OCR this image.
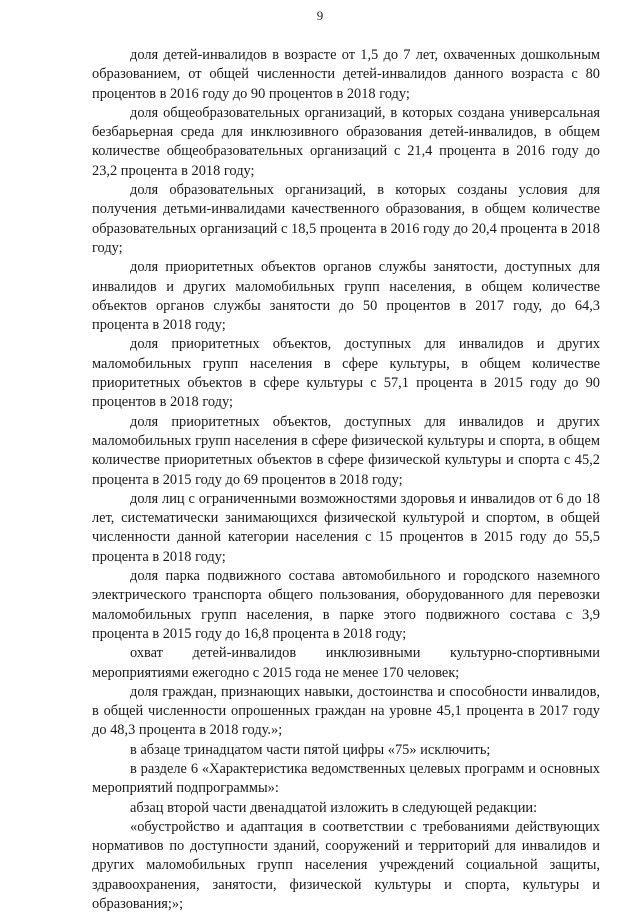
9

доля детей-инвалидов в возрасте от 1,5 до 7 лет, охваченных дошкольным образованием, от общей численности детей-инвалидов данного возраста с 80 процентов в 2016 году до 90 процентов в 2018 году;

доля общеобразовательных организаций, в которых создана универсальная безбарьерная среда для инклюзивного образования детей-инвалидов, в общем количестве общеобразовательных организаций с 21,4 процента в 2016 году до 23,2 процента в 2018 году;

доля образовательных организаций, в которых созданы условия для получения детьми-инвалидами качественного образования, в общем количестве образовательных организаций с 18,5 процента в 2016 году до 20,4 процента в 2018 году;

доля приоритетных объектов органов службы занятости, доступных для инвалидов и других маломобильных групп населения, в общем количестве объектов органов службы занятости до 50 процентов в 2017 году, до 64,3 процента в 2018 году;

доля приоритетных объектов, доступных для инвалидов и других маломобильных групп населения в сфере культуры, в общем количестве приоритетных объектов в сфере культуры с 57,1 процента в 2015 году до 90 процентов в 2018 году;

доля приоритетных объектов, доступных для инвалидов и других маломобильных групп населения в сфере физической культуры и спорта, в общем количестве приоритетных объектов в сфере физической культуры и спорта с 45,2 процента в 2015 году до 69 процентов в 2018 году;

доля лиц с ограниченными возможностями здоровья и инвалидов от 6 до 18 лет, систематически занимающихся физической культурой и спортом, в общей численности данной категории населения с 15 процентов в 2015 году до 55,5 процента в 2018 году;

доля парка подвижного состава автомобильного и городского наземного электрического транспорта общего пользования, оборудованного для перевозки маломобильных групп населения, в парке этого подвижного состава с 3,9 процента в 2015 году до 16,8 процента в 2018 году;

охват детей-инвалидов инклюзивными культурно-спортивными мероприятиями ежегодно с 2015 года не менее 170 человек;

доля граждан, признающих навыки, достоинства и способности инвалидов, в общей численности опрошенных граждан на уровне 45,1 процента в 2017 году до 48,3 процента в 2018 году.»;

в абзаце тринадцатом части пятой цифры «75» исключить;

в разделе 6 «Характеристика ведомственных целевых программ и основных мероприятий подпрограммы»:

абзац второй части двенадцатой изложить в следующей редакции:

«обустройство и адаптация в соответствии с требованиями действующих нормативов по доступности зданий, сооружений и территорий для инвалидов и других маломобильных групп населения учреждений социальной защиты, здравоохранения, занятости, физической культуры и спорта, культуры и образования;»;
